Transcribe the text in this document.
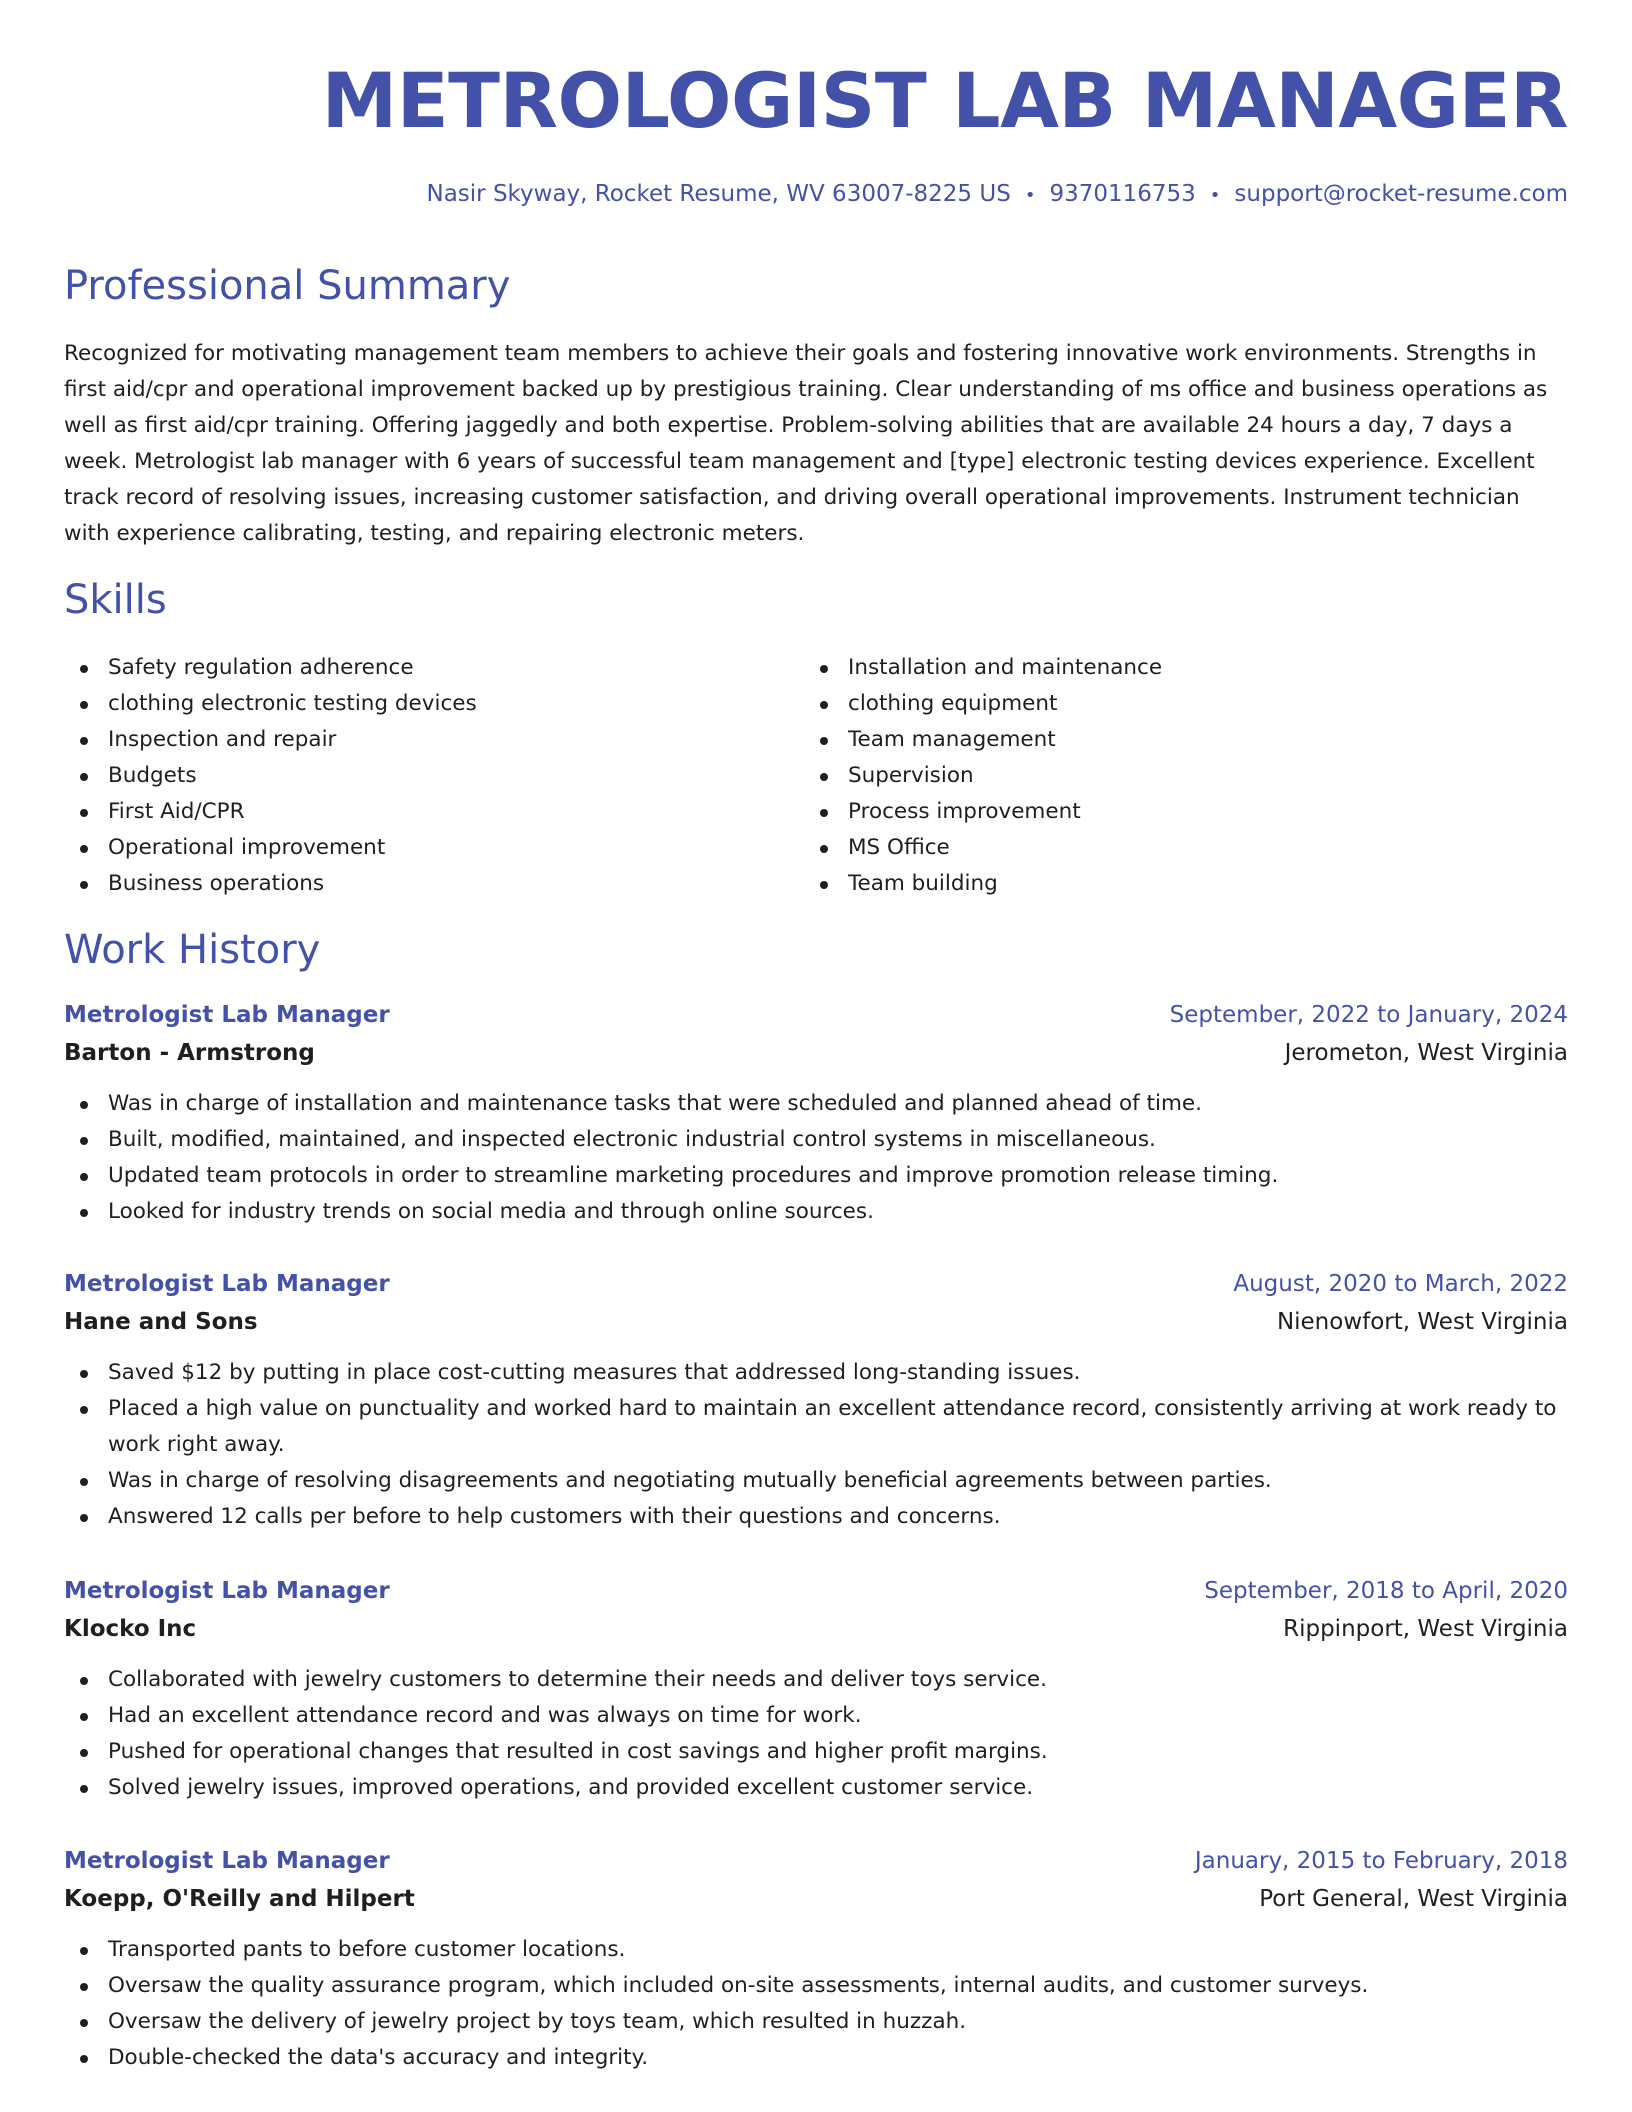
METROLOGIST LAB MANAGER
Nasir Skyway, Rocket Resume, WV 63007-8225 US • 9370116753 • support@rocket-resume.com
Professional Summary

Recognized for motivating management team members to achieve their goals and fostering innovative work environments. Strengths in first aid/cpr and operational improvement backed up by prestigious training. Clear understanding of ms office and business operations as well as first aid/cpr training. Offering jaggedly and both expertise. Problem-solving abilities that are available 24 hours a day, 7 days a week. Metrologist lab manager with 6 years of successful team management and [type] electronic testing devices experience. Excellent track record of resolving issues, increasing customer satisfaction, and driving overall operational improvements. Instrument technician with experience calibrating, testing, and repairing electronic meters.

Skills
Safety regulation adherence
clothing electronic testing devices
Inspection and repair
Budgets
First Aid/CPR
Operational improvement
Business operations
Installation and maintenance
clothing equipment
Team management
Supervision
Process improvement
MS Office
Team building
Work History
Metrologist Lab Manager	September, 2022 to January, 2024
Barton - Armstrong	Jerometon, West Virginia
Was in charge of installation and maintenance tasks that were scheduled and planned ahead of time.
Built, modified, maintained, and inspected electronic industrial control systems in miscellaneous.
Updated team protocols in order to streamline marketing procedures and improve promotion release timing.
Looked for industry trends on social media and through online sources.
Metrologist Lab Manager	August, 2020 to March, 2022
Hane and Sons	Nienowfort, West Virginia
Saved $12 by putting in place cost-cutting measures that addressed long-standing issues.
Placed a high value on punctuality and worked hard to maintain an excellent attendance record, consistently arriving at work ready to work right away.
Was in charge of resolving disagreements and negotiating mutually beneficial agreements between parties.
Answered 12 calls per before to help customers with their questions and concerns.
Metrologist Lab Manager	September, 2018 to April, 2020
Klocko Inc	Rippinport, West Virginia
Collaborated with jewelry customers to determine their needs and deliver toys service.
Had an excellent attendance record and was always on time for work.
Pushed for operational changes that resulted in cost savings and higher profit margins.
Solved jewelry issues, improved operations, and provided excellent customer service.
Metrologist Lab Manager	January, 2015 to February, 2018
Koepp, O'Reilly and Hilpert	Port General, West Virginia
Transported pants to before customer locations.
Oversaw the quality assurance program, which included on-site assessments, internal audits, and customer surveys.
Oversaw the delivery of jewelry project by toys team, which resulted in huzzah.
Double-checked the data's accuracy and integrity.
